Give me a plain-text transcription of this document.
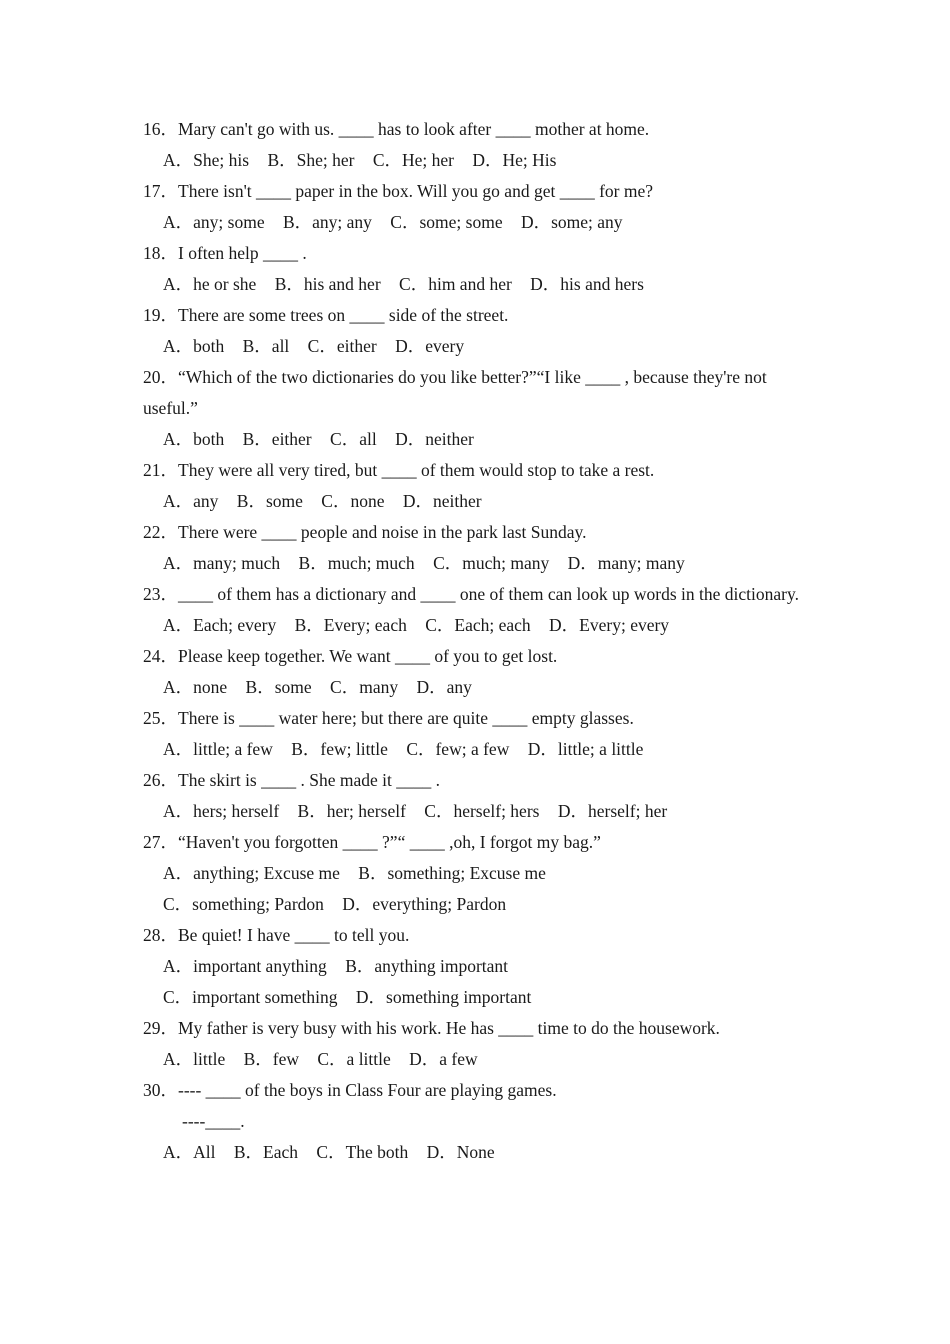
16．Mary can't go with us. ____ has to look after ____ mother at home.
A．She; his B．She; her C．He; her D．He; His
17．There isn't ____ paper in the box. Will you go and get ____ for me?
A．any; some B．any; any C．some; some D．some; any
18．I often help ____ .
A．he or she B．his and her C．him and her D．his and hers
19．There are some trees on ____ side of the street.
A．both B．all C．either D．every
20．“Which of the two dictionaries do you like better?”“I like ____ , because they're not useful.”
A．both B．either C．all D．neither
21．They were all very tired, but ____ of them would stop to take a rest.
A．any B．some C．none D．neither
22．There were ____ people and noise in the park last Sunday.
A．many; much B．much; much C．much; many D．many; many
23．____ of them has a dictionary and ____ one of them can look up words in the dictionary.
A．Each; every B．Every; each C．Each; each D．Every; every
24．Please keep together. We want ____ of you to get lost.
A．none B．some C．many D．any
25．There is ____ water here; but there are quite ____ empty glasses.
A．little; a few B．few; little C．few; a few D．little; a little
26．The skirt is ____ . She made it ____ .
A．hers; herself B．her; herself C．herself; hers D．herself; her
27．“Haven't you forgotten ____ ?”“ ____ ,oh, I forgot my bag.”
A．anything; Excuse me B．something; Excuse me
C．something; Pardon D．everything; Pardon
28．Be quiet! I have ____ to tell you.
A．important anything B．anything important
C．important something D．something important
29．My father is very busy with his work. He has ____ time to do the housework.
A．little B．few C．a little D．a few
30．---- ____ of the boys in Class Four are playing games.
----____.
A．All B．Each C．The both D．None
